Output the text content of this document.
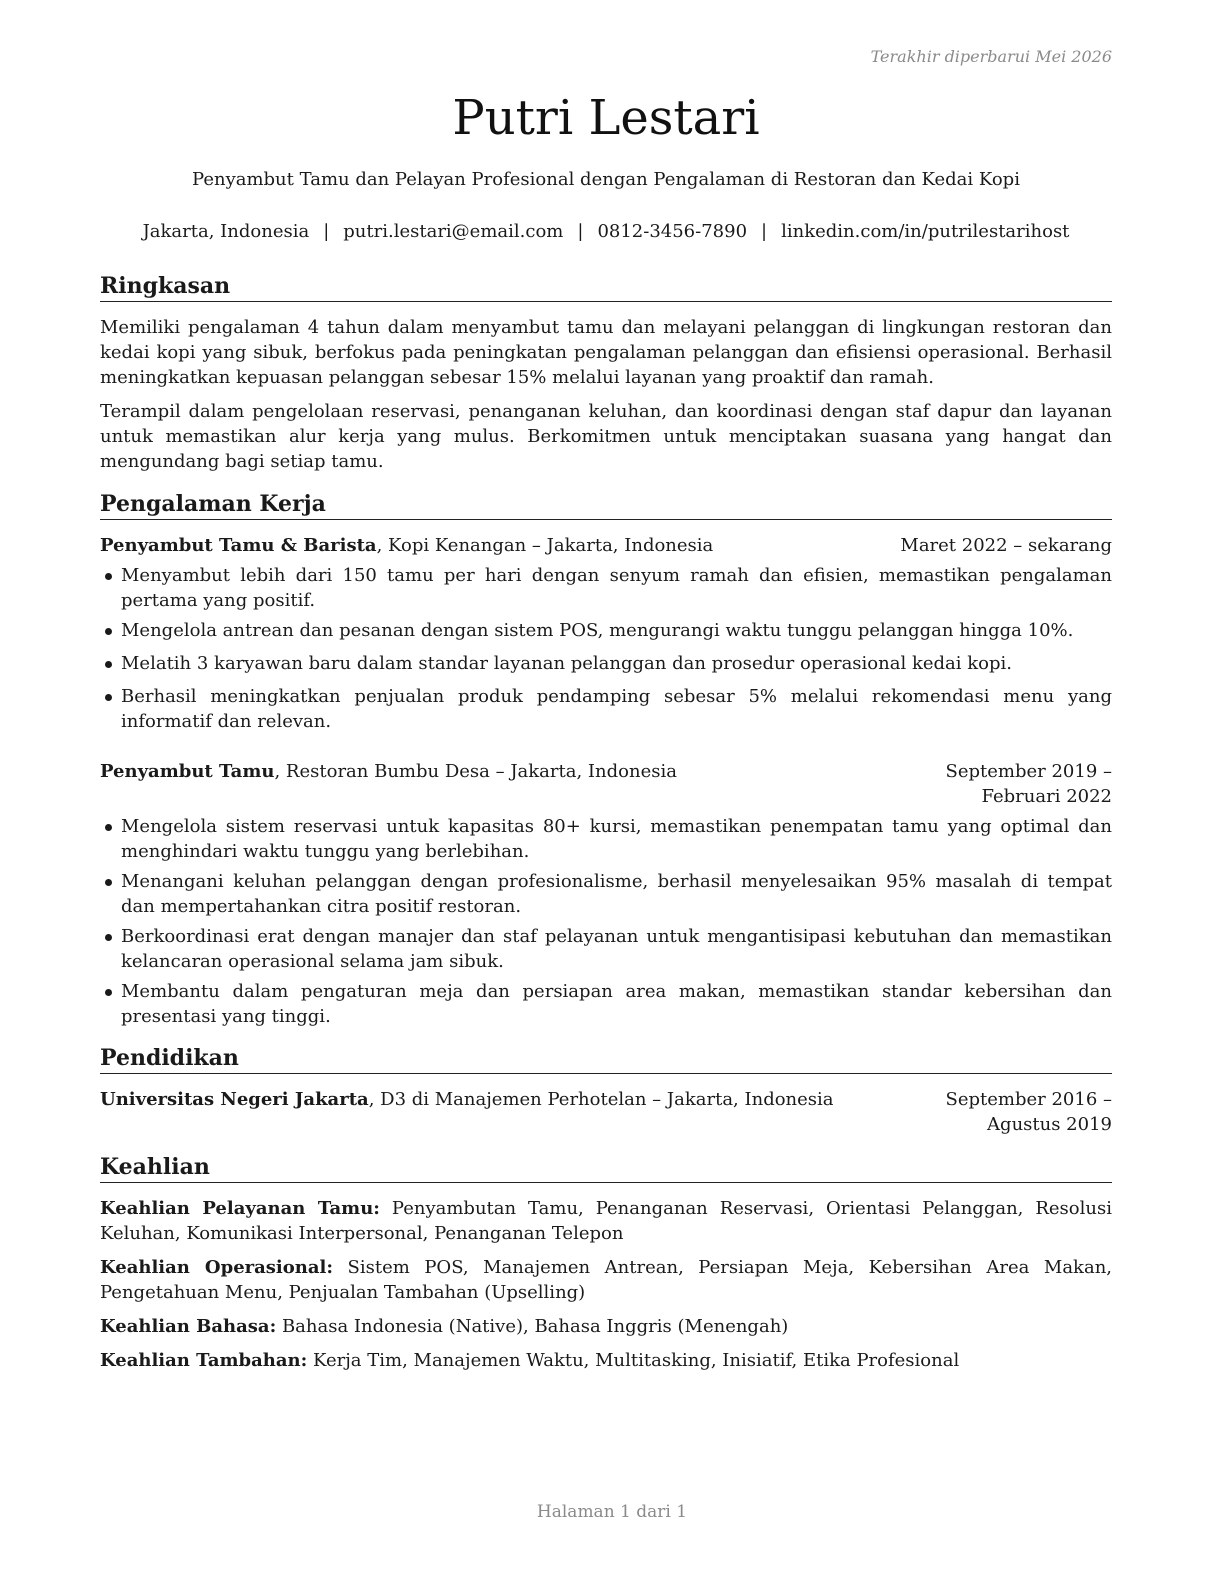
Terakhir diperbarui Mei 2026
Putri Lestari
Penyambut Tamu dan Pelayan Profesional dengan Pengalaman di Restoran dan Kedai Kopi
Jakarta, Indonesia | putri.lestari@email.com | 0812-3456-7890 | linkedin.com/in/putrilestarihost
Ringkasan

Memiliki pengalaman 4 tahun dalam menyambut tamu dan melayani pelanggan di lingkungan restoran dan kedai kopi yang sibuk, berfokus pada peningkatan pengalaman pelanggan dan efisiensi operasional. Berhasil meningkatkan kepuasan pelanggan sebesar 15% melalui layanan yang proaktif dan ramah.

Terampil dalam pengelolaan reservasi, penanganan keluhan, dan koordinasi dengan staf dapur dan layanan untuk memastikan alur kerja yang mulus. Berkomitmen untuk menciptakan suasana yang hangat dan mengundang bagi setiap tamu.

Pengalaman Kerja
Penyambut Tamu & Barista, Kopi Kenangan – Jakarta, Indonesia	Maret 2022 – sekarang
Menyambut lebih dari 150 tamu per hari dengan senyum ramah dan efisien, memastikan pengalaman pertama yang positif.
Mengelola antrean dan pesanan dengan sistem POS, mengurangi waktu tunggu pelanggan hingga 10%.
Melatih 3 karyawan baru dalam standar layanan pelanggan dan prosedur operasional kedai kopi.
Berhasil meningkatkan penjualan produk pendamping sebesar 5% melalui rekomendasi menu yang informatif dan relevan.
Penyambut Tamu, Restoran Bumbu Desa – Jakarta, Indonesia	September 2019 – Februari 2022
Mengelola sistem reservasi untuk kapasitas 80+ kursi, memastikan penempatan tamu yang optimal dan menghindari waktu tunggu yang berlebihan.
Menangani keluhan pelanggan dengan profesionalisme, berhasil menyelesaikan 95% masalah di tempat dan mempertahankan citra positif restoran.
Berkoordinasi erat dengan manajer dan staf pelayanan untuk mengantisipasi kebutuhan dan memastikan kelancaran operasional selama jam sibuk.
Membantu dalam pengaturan meja dan persiapan area makan, memastikan standar kebersihan dan presentasi yang tinggi.
Pendidikan
Universitas Negeri Jakarta, D3 di Manajemen Perhotelan – Jakarta, Indonesia	September 2016 – Agustus 2019
Keahlian
Keahlian Pelayanan Tamu: Penyambutan Tamu, Penanganan Reservasi, Orientasi Pelanggan, Resolusi Keluhan, Komunikasi Interpersonal, Penanganan Telepon
Keahlian Operasional: Sistem POS, Manajemen Antrean, Persiapan Meja, Kebersihan Area Makan, Pengetahuan Menu, Penjualan Tambahan (Upselling)
Keahlian Bahasa: Bahasa Indonesia (Native), Bahasa Inggris (Menengah)
Keahlian Tambahan: Kerja Tim, Manajemen Waktu, Multitasking, Inisiatif, Etika Profesional
Halaman 1 dari 1
